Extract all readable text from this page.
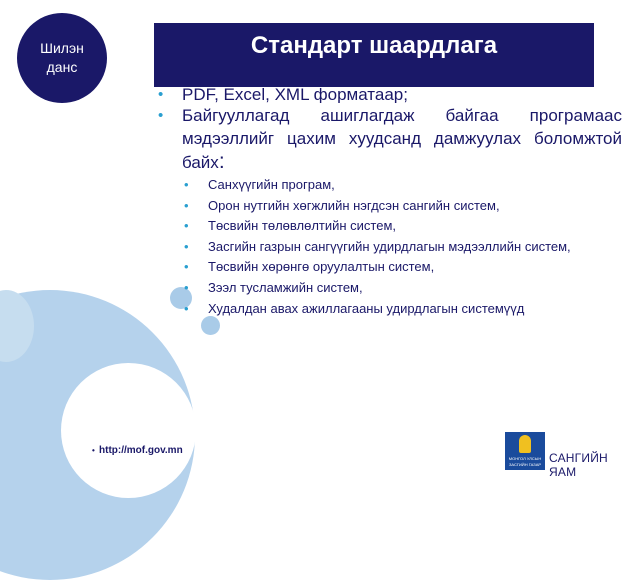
Шилэн
данс
Стандарт шаардлага
• PDF, Excel, XML форматаар;
• Байгууллагад ашиглагдаж байгаа програмаас мэдээллийг цахим хуудсанд дамжуулах боломжтой байх:
• Санхүүгийн програм,
• Орон нутгийн хөгжлийн нэгдсэн сангийн систем,
• Төсвийн төлөвлөлтийн систем,
• Засгийн газрын сангүүгийн удирдлагын мэдээллийн систем,
• Төсвийн хөрөнгө оруулалтын систем,
• Зээл тусламжийн систем,
• Худалдан авах ажиллагааны удирдлагын системүүд
• http://mof.gov.mn
МОНГОЛ УЛСЫН
ЗАСГИЙН ГАЗАР САНГИЙН ЯАМ
